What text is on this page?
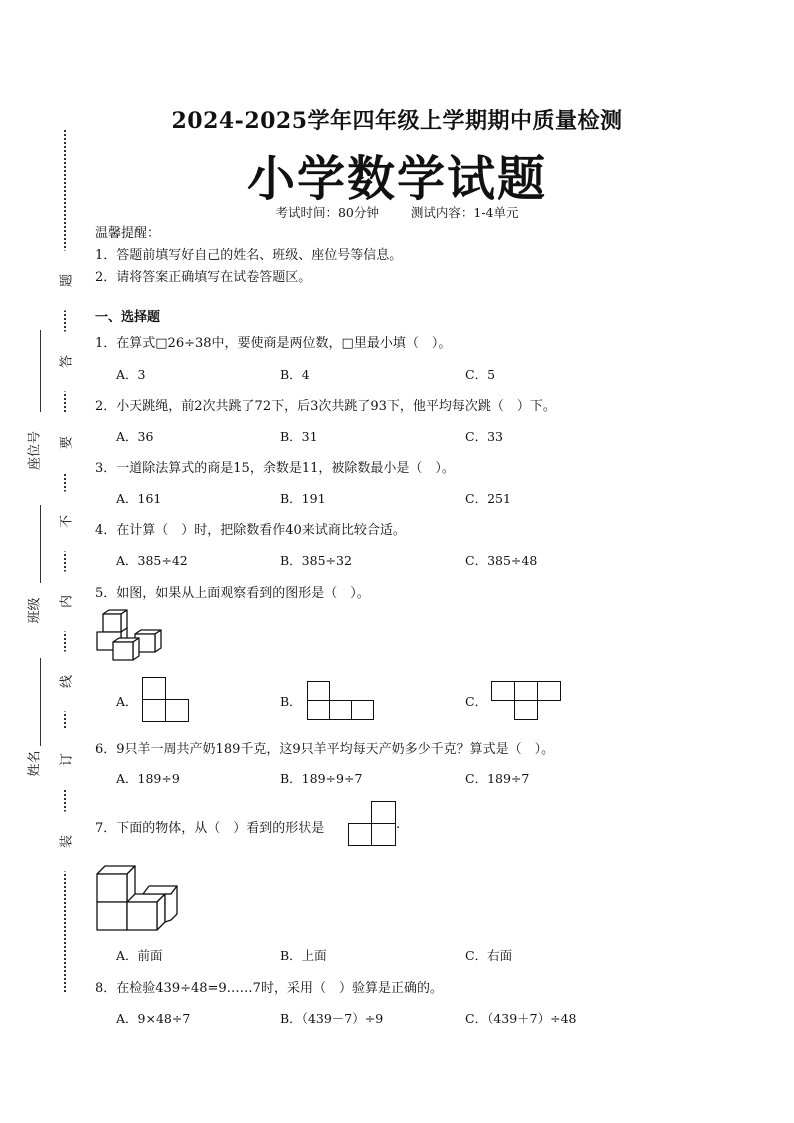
座位号
班级
姓名
题
答
要
不
内
线
订
装
2024-2025学年四年级上学期期中质量检测
小学数学试题
考试时间：80分钟	测试内容：1-4单元
温馨提醒：
1．答题前填写好自己的姓名、班级、座位号等信息。
2．请将答案正确填写在试卷答题区。
一、选择题
1．在算式□26÷38中，要使商是两位数，□里最小填（　）。
A．3	B．4	C．5
2．小天跳绳，前2次共跳了72下，后3次共跳了93下，他平均每次跳（　）下。
A．36	B．31	C．33
3．一道除法算式的商是15，余数是11，被除数最小是（　）。
A．161	B．191	C．251
4．在计算（　）时，把除数看作40来试商比较合适。
A．385÷42	B．385÷32	C．385÷48
5．如图，如果从上面观察看到的图形是（　）。
A．	B．	C．
6．9只羊一周共产奶189千克，这9只羊平均每天产奶多少千克？算式是（　）。
A．189÷9	B．189÷9÷7	C．189÷7
7．下面的物体，从（　）看到的形状是	.
A．前面	B．上面	C．右面
8．在检验439÷48=9……7时，采用（　）验算是正确的。
A．9×48÷7	B．（439－7）÷9	C．（439＋7）÷48
